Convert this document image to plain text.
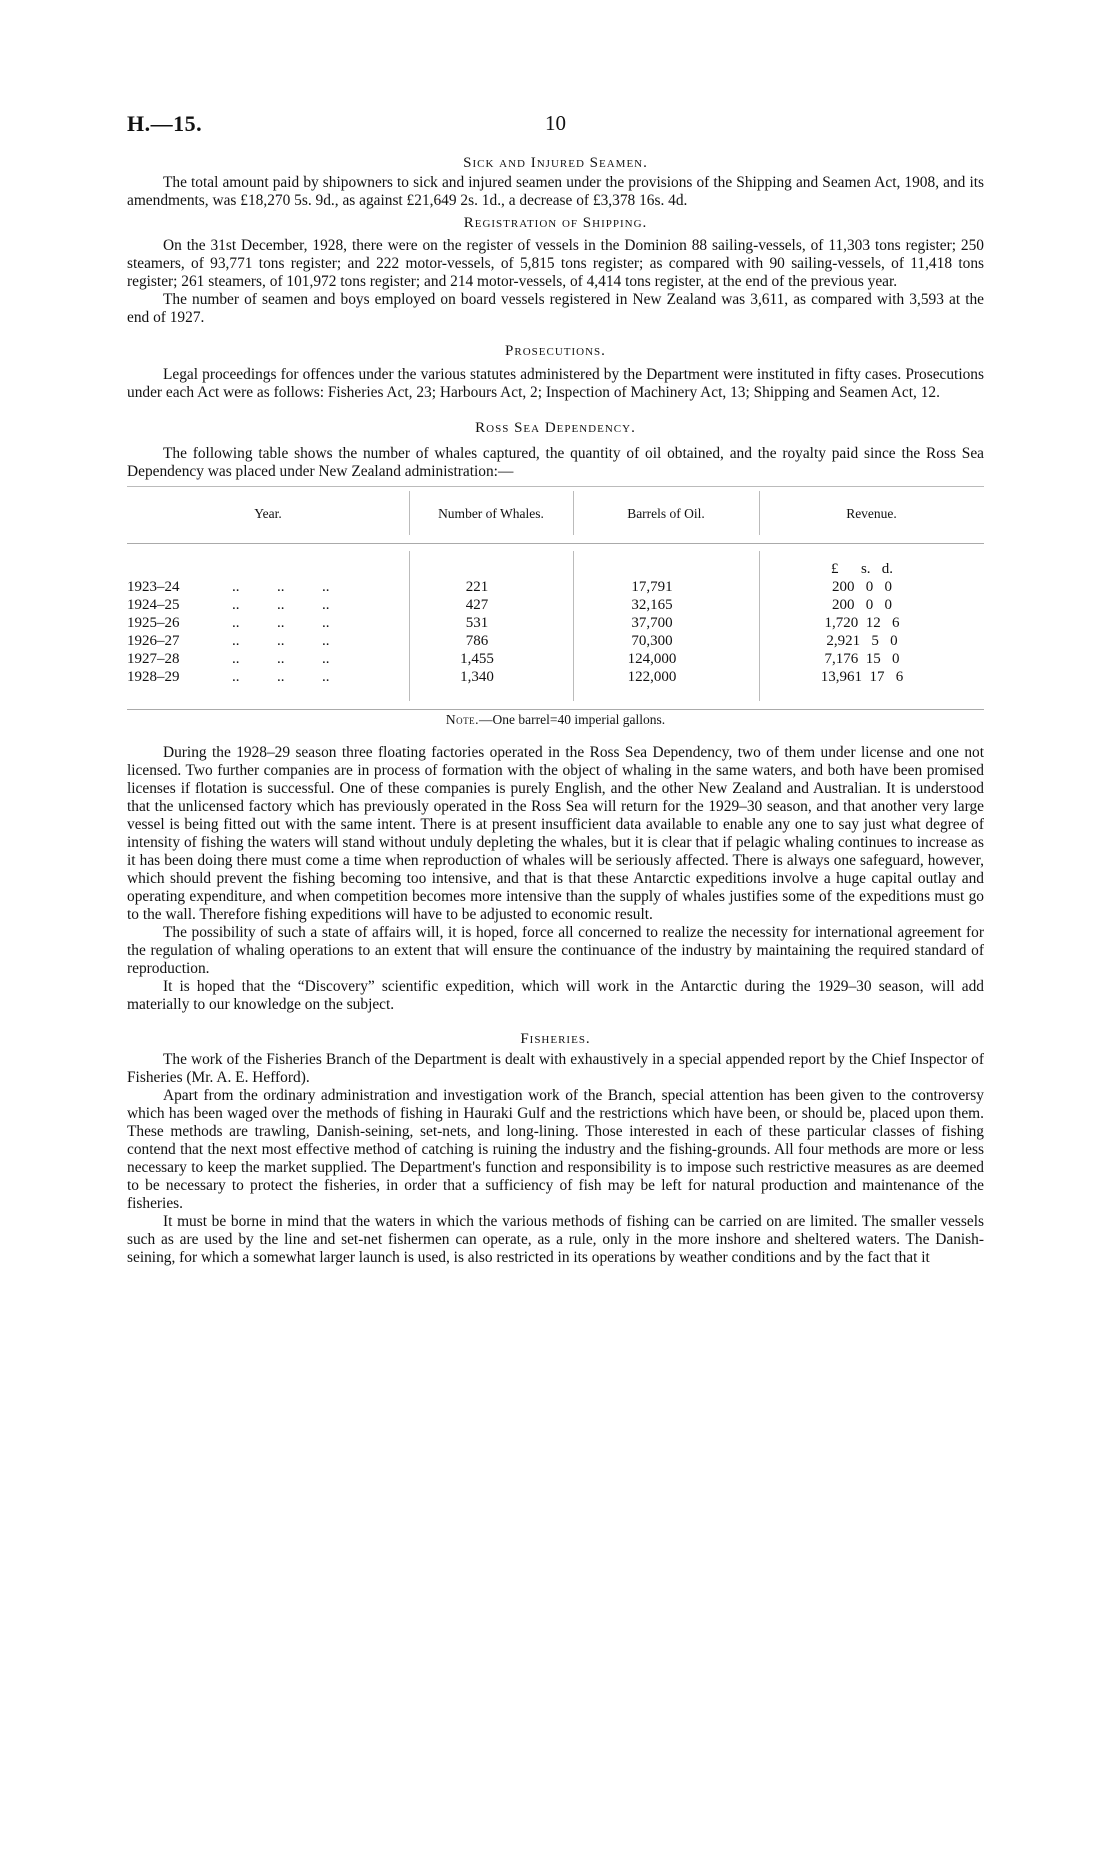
H.—15.	10
Sick and Injured Seamen.

The total amount paid by shipowners to sick and injured seamen under the provisions of the Shipping and Seamen Act, 1908, and its amendments, was £18,270 5s. 9d., as against £21,649 2s. 1d., a decrease of £3,378 16s. 4d.

Registration of Shipping.

On the 31st December, 1928, there were on the register of vessels in the Dominion 88 sailing-vessels, of 11,303 tons register; 250 steamers, of 93,771 tons register; and 222 motor-vessels, of 5,815 tons register; as compared with 90 sailing-vessels, of 11,418 tons register; 261 steamers, of 101,972 tons register; and 214 motor-vessels, of 4,414 tons register, at the end of the previous year.

The number of seamen and boys employed on board vessels registered in New Zealand was 3,611, as compared with 3,593 at the end of 1927.

Prosecutions.

Legal proceedings for offences under the various statutes administered by the Department were instituted in fifty cases. Prosecutions under each Act were as follows: Fisheries Act, 23; Harbours Act, 2; Inspection of Machinery Act, 13; Shipping and Seamen Act, 12.

Ross Sea Dependency.

The following table shows the number of whales captured, the quantity of oil obtained, and the royalty paid since the Ross Sea Dependency was placed under New Zealand administration:—

Year.	Number of Whales.	Barrels of Oil.	Revenue.
£      s.   d.
1923–24	..          ..          ..	221	17,791	200   0   0
1924–25	..          ..          ..	427	32,165	200   0   0
1925–26	..          ..          ..	531	37,700	1,720  12   6
1926–27	..          ..          ..	786	70,300	2,921   5   0
1927–28	..          ..          ..	1,455	124,000	7,176  15   0
1928–29	..          ..          ..	1,340	122,000	13,961  17   6
Note.—One barrel=40 imperial gallons.

During the 1928–29 season three floating factories operated in the Ross Sea Dependency, two of them under license and one not licensed. Two further companies are in process of formation with the object of whaling in the same waters, and both have been promised licenses if flotation is successful. One of these companies is purely English, and the other New Zealand and Australian. It is understood that the unlicensed factory which has previously operated in the Ross Sea will return for the 1929–30 season, and that another very large vessel is being fitted out with the same intent. There is at present insufficient data available to enable any one to say just what degree of intensity of fishing the waters will stand without unduly depleting the whales, but it is clear that if pelagic whaling continues to increase as it has been doing there must come a time when reproduction of whales will be seriously affected. There is always one safeguard, however, which should prevent the fishing becoming too intensive, and that is that these Antarctic expeditions involve a huge capital outlay and operating expenditure, and when competition becomes more intensive than the supply of whales justifies some of the expeditions must go to the wall. Therefore fishing expeditions will have to be adjusted to economic result.

The possibility of such a state of affairs will, it is hoped, force all concerned to realize the necessity for international agreement for the regulation of whaling operations to an extent that will ensure the continuance of the industry by maintaining the required standard of reproduction.

It is hoped that the “Discovery” scientific expedition, which will work in the Antarctic during the 1929–30 season, will add materially to our knowledge on the subject.

Fisheries.

The work of the Fisheries Branch of the Department is dealt with exhaustively in a special appended report by the Chief Inspector of Fisheries (Mr. A. E. Hefford).

Apart from the ordinary administration and investigation work of the Branch, special attention has been given to the controversy which has been waged over the methods of fishing in Hauraki Gulf and the restrictions which have been, or should be, placed upon them. These methods are trawling, Danish-seining, set-nets, and long-lining. Those interested in each of these particular classes of fishing contend that the next most effective method of catching is ruining the industry and the fishing-grounds. All four methods are more or less necessary to keep the market supplied. The Department's function and responsibility is to impose such restrictive measures as are deemed to be necessary to protect the fisheries, in order that a sufficiency of fish may be left for natural production and maintenance of the fisheries.

It must be borne in mind that the waters in which the various methods of fishing can be carried on are limited. The smaller vessels such as are used by the line and set-net fishermen can operate, as a rule, only in the more inshore and sheltered waters. The Danish-seining, for which a somewhat larger launch is used, is also restricted in its operations by weather conditions and by the fact that it
